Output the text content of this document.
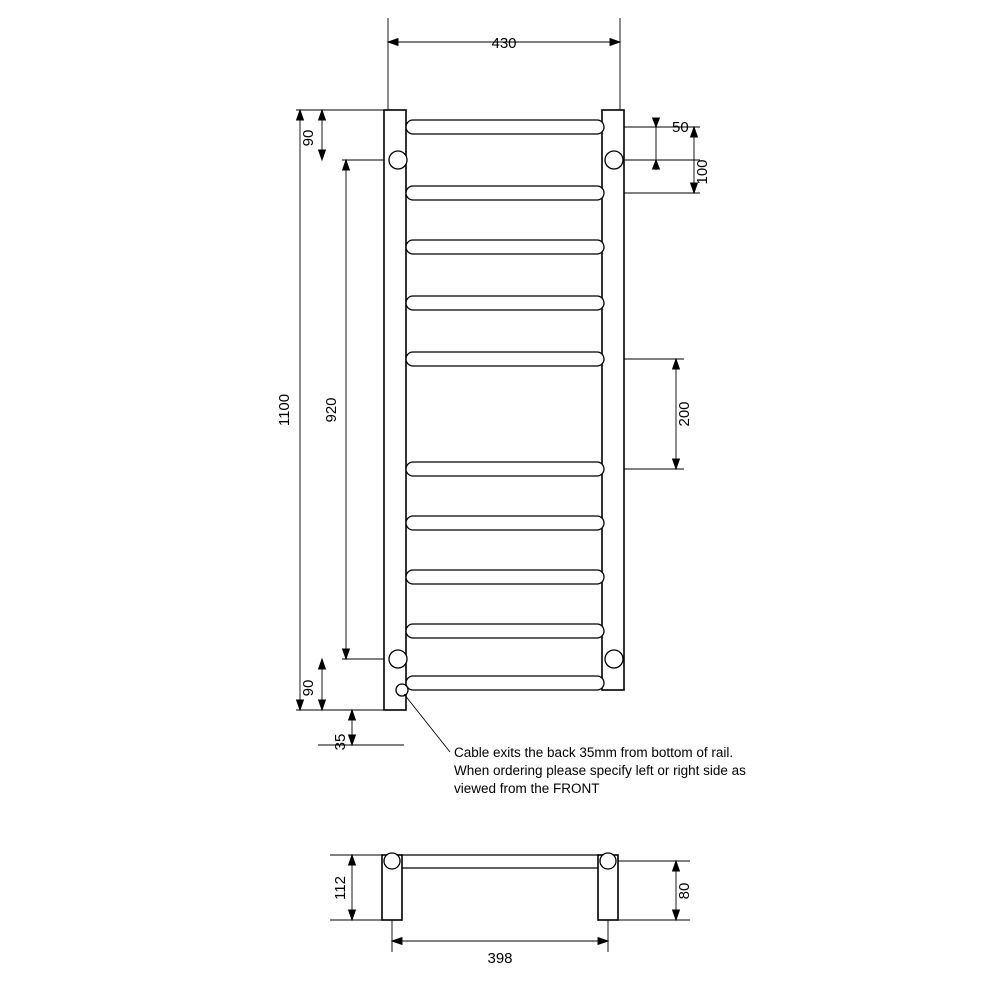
430
1100 920
90
90
50
100
200
35
Cable exits the back 35mm from bottom of rail.
When ordering please specify left or right side as
viewed from the FRONT
112	80
398
